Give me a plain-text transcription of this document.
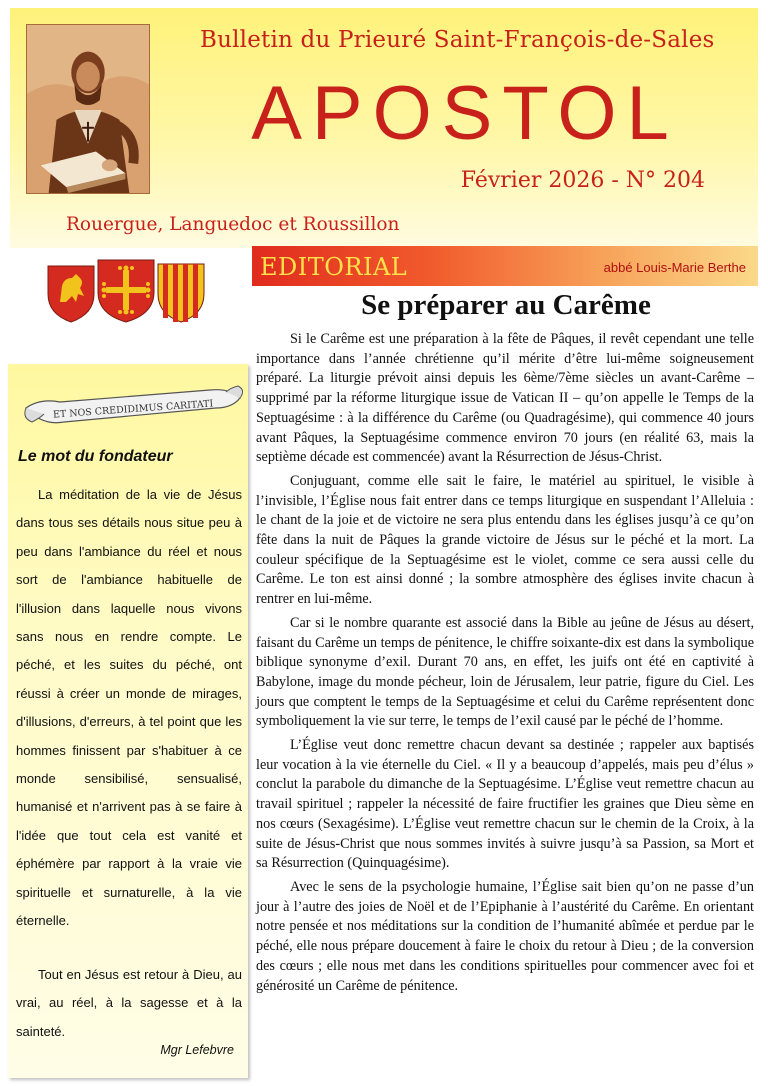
Bulletin du Prieuré Saint-François-de-Sales
APOSTOL
Février 2026 - N° 204
Rouergue, Languedoc et Roussillon
EDITORIAL	abbé Louis-Marie Berthe
ET NOS CREDIDIMUS CARITATI
Le mot du fondateur
La méditation de la vie de Jésus dans tous ses détails nous situe peu à peu dans l'ambiance du réel et nous sort de l'ambiance habituelle de l'illusion dans laquelle nous vivons sans nous en rendre compte. Le péché, et les suites du péché, ont réussi à créer un monde de mirages, d'illusions, d'erreurs, à tel point que les hommes finissent par s'habituer à ce monde sensibilisé, sensualisé, humanisé et n'arrivent pas à se faire à l'idée que tout cela est vanité et éphémère par rapport à la vraie vie spirituelle et surnaturelle, à la vie éternelle.
Tout en Jésus est retour à Dieu, au vrai, au réel, à la sagesse et à la sainteté.
Mgr Lefebvre
Se préparer au Carême

Si le Carême est une préparation à la fête de Pâques, il revêt cependant une telle importance dans l’année chrétienne qu’il mérite d’être lui-même soigneusement préparé. La liturgie prévoit ainsi depuis les 6ème/7ème siècles un avant-Carême – supprimé par la réforme liturgique issue de Vatican II – qu’on appelle le Temps de la Septuagésime : à la différence du Carême (ou Quadragésime), qui commence 40 jours avant Pâques, la Septuagésime commence environ 70 jours (en réalité 63, mais la septième décade est commencée) avant la Résurrection de Jésus-Christ.

Conjuguant, comme elle sait le faire, le matériel au spirituel, le visible à l’invisible, l’Église nous fait entrer dans ce temps liturgique en suspendant l’Alleluia : le chant de la joie et de victoire ne sera plus entendu dans les églises jusqu’à ce qu’on fête dans la nuit de Pâques la grande victoire de Jésus sur le péché et la mort. La couleur spécifique de la Septuagésime est le violet, comme ce sera aussi celle du Carême. Le ton est ainsi donné ; la sombre atmosphère des églises invite chacun à rentrer en lui-même.

Car si le nombre quarante est associé dans la Bible au jeûne de Jésus au désert, faisant du Carême un temps de pénitence, le chiffre soixante-dix est dans la symbolique biblique synonyme d’exil. Durant 70 ans, en effet, les juifs ont été en captivité à Babylone, image du monde pécheur, loin de Jérusalem, leur patrie, figure du Ciel. Les jours que comptent le temps de la Septuagésime et celui du Carême représentent donc symboliquement la vie sur terre, le temps de l’exil causé par le péché de l’homme.

L’Église veut donc remettre chacun devant sa destinée ; rappeler aux baptisés leur vocation à la vie éternelle du Ciel. « Il y a beaucoup d’appelés, mais peu d’élus » conclut la parabole du dimanche de la Septuagésime. L’Église veut remettre chacun au travail spirituel ; rappeler la nécessité de faire fructifier les graines que Dieu sème en nos cœurs (Sexagésime). L’Église veut remettre chacun sur le chemin de la Croix, à la suite de Jésus-Christ que nous sommes invités à suivre jusqu’à sa Passion, sa Mort et sa Résurrection (Quinquagésime).

Avec le sens de la psychologie humaine, l’Église sait bien qu’on ne passe d’un jour à l’autre des joies de Noël et de l’Epiphanie à l’austérité du Carême. En orientant notre pensée et nos méditations sur la condition de l’humanité abîmée et perdue par le péché, elle nous prépare doucement à faire le choix du retour à Dieu ; de la conversion des cœurs ; elle nous met dans les conditions spirituelles pour commencer avec foi et générosité un Carême de pénitence.
